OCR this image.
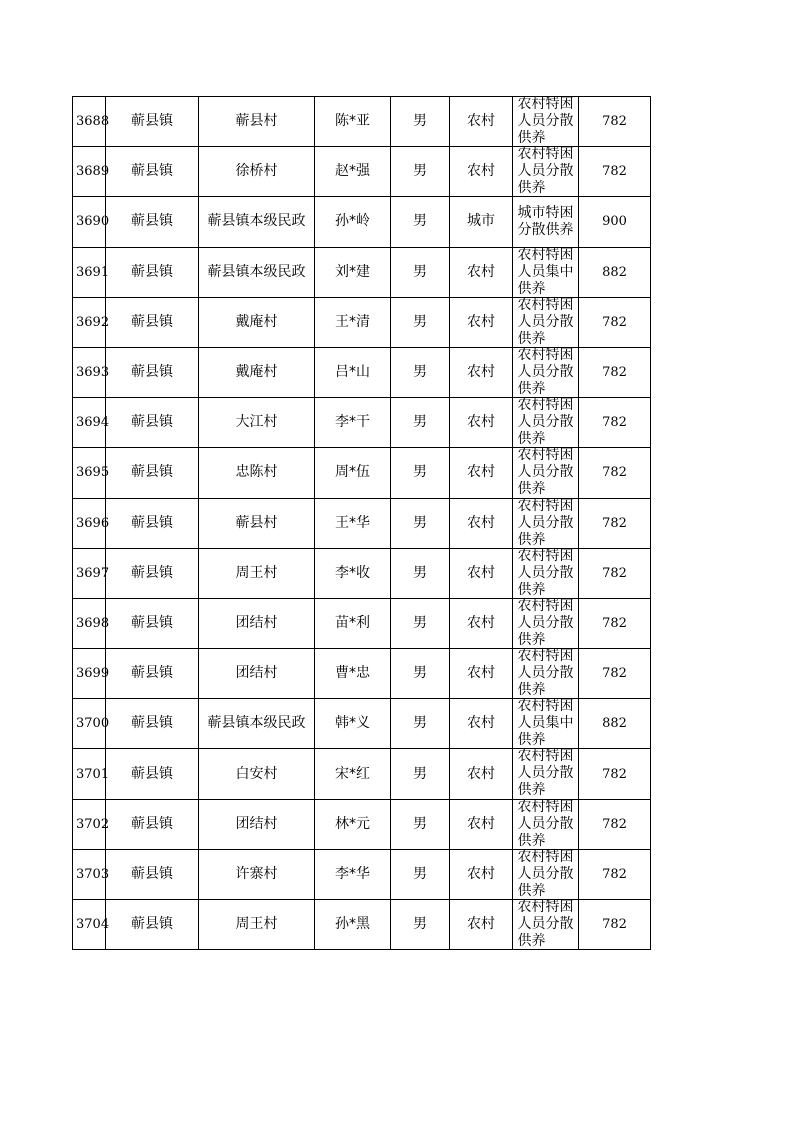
3688	蕲县镇	蕲县村	陈*亚	男	农村	农村特困人员分散供养	782
3689	蕲县镇	徐桥村	赵*强	男	农村	农村特困人员分散供养	782
3690	蕲县镇	蕲县镇本级民政	孙*岭	男	城市	城市特困分散供养	900
3691	蕲县镇	蕲县镇本级民政	刘*建	男	农村	农村特困人员集中供养	882
3692	蕲县镇	戴庵村	王*清	男	农村	农村特困人员分散供养	782
3693	蕲县镇	戴庵村	吕*山	男	农村	农村特困人员分散供养	782
3694	蕲县镇	大江村	李*干	男	农村	农村特困人员分散供养	782
3695	蕲县镇	忠陈村	周*伍	男	农村	农村特困人员分散供养	782
3696	蕲县镇	蕲县村	王*华	男	农村	农村特困人员分散供养	782
3697	蕲县镇	周王村	李*收	男	农村	农村特困人员分散供养	782
3698	蕲县镇	团结村	苗*利	男	农村	农村特困人员分散供养	782
3699	蕲县镇	团结村	曹*忠	男	农村	农村特困人员分散供养	782
3700	蕲县镇	蕲县镇本级民政	韩*义	男	农村	农村特困人员集中供养	882
3701	蕲县镇	白安村	宋*红	男	农村	农村特困人员分散供养	782
3702	蕲县镇	团结村	林*元	男	农村	农村特困人员分散供养	782
3703	蕲县镇	许寨村	李*华	男	农村	农村特困人员分散供养	782
3704	蕲县镇	周王村	孙*黑	男	农村	农村特困人员分散供养	782
